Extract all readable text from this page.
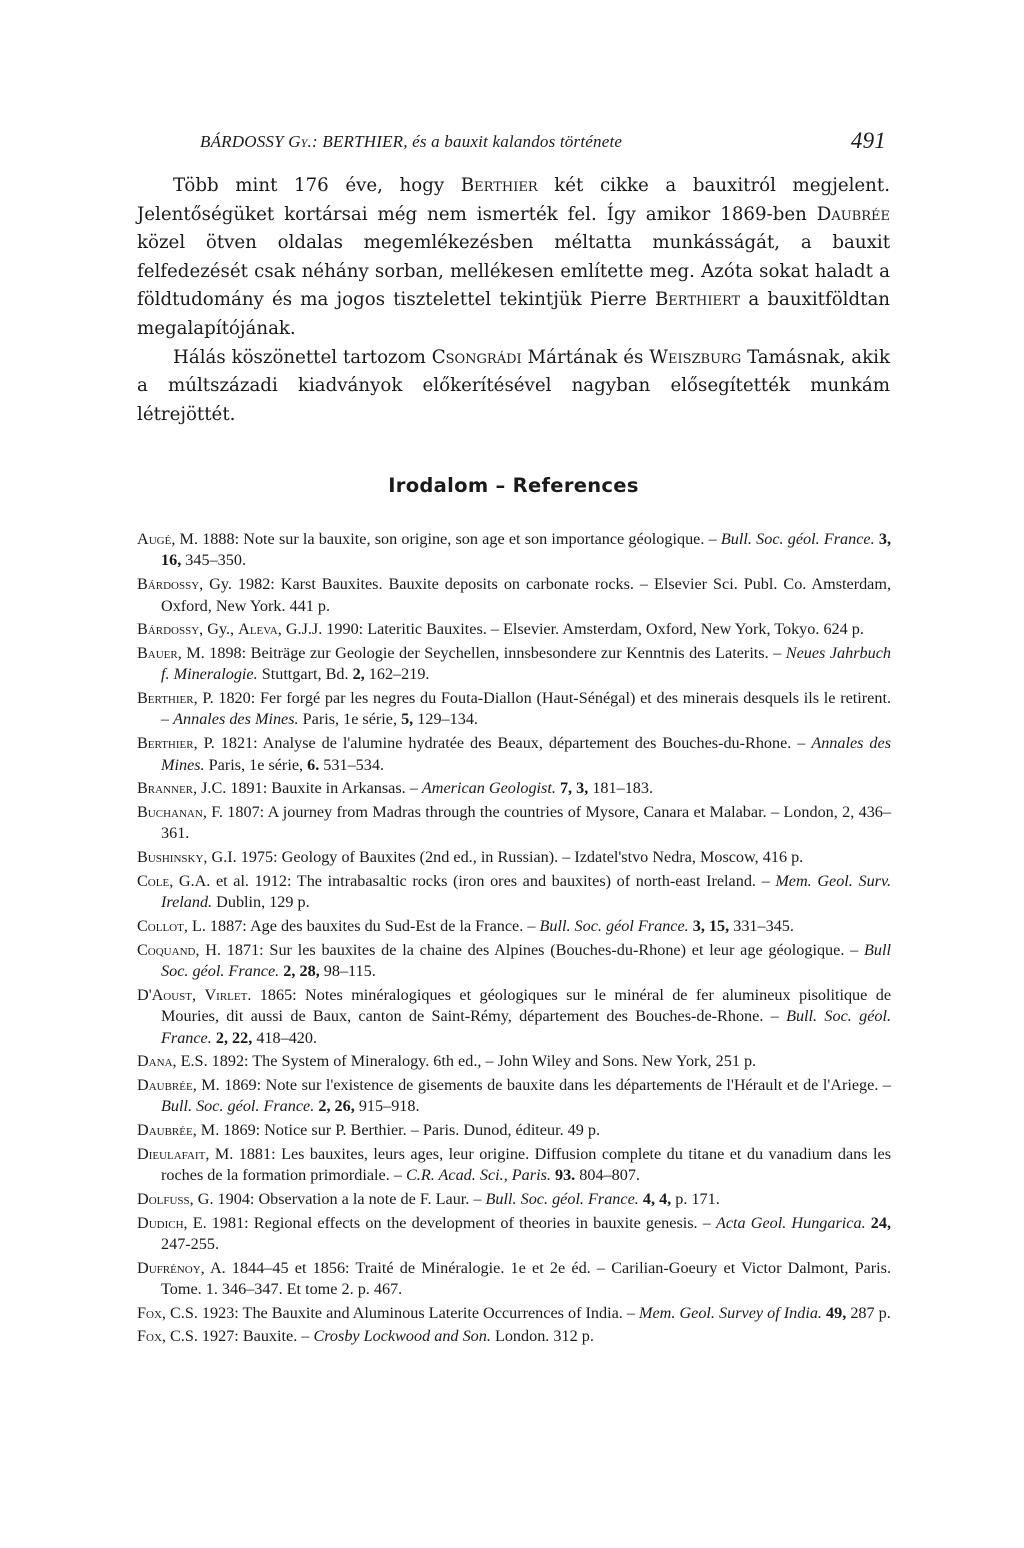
BÁRDOSSY Gy.: BERTHIER, és a bauxit kalandos története	491

Több mint 176 éve, hogy Berthier két cikke a bauxitról megjelent. Jelentőségüket kortársai még nem ismerték fel. Így amikor 1869-ben Daubrée közel ötven oldalas megemlékezésben méltatta munkásságát, a bauxit felfedezését csak néhány sorban, mellékesen említette meg. Azóta sokat haladt a földtudomány és ma jogos tisztelettel tekintjük Pierre Berthiert a bauxitföldtan megalapítójának.

Hálás köszönettel tartozom Csongrádi Mártának és Weiszburg Tamásnak, akik a múltszázadi kiadványok előkerítésével nagyban elősegítették munkám létrejöttét.

Irodalom – References
Augé, M. 1888: Note sur la bauxite, son origine, son age et son importance géologique. – Bull. Soc. géol. France. 3, 16, 345–350.
Bárdossy, Gy. 1982: Karst Bauxites. Bauxite deposits on carbonate rocks. – Elsevier Sci. Publ. Co. Amsterdam, Oxford, New York. 441 p.
Bárdossy, Gy., Aleva, G.J.J. 1990: Lateritic Bauxites. – Elsevier. Amsterdam, Oxford, New York, Tokyo. 624 p.
Bauer, M. 1898: Beiträge zur Geologie der Seychellen, innsbesondere zur Kenntnis des Laterits. – Neues Jahrbuch f. Mineralogie. Stuttgart, Bd. 2, 162–219.
Berthier, P. 1820: Fer forgé par les negres du Fouta-Diallon (Haut-Sénégal) et des minerais desquels ils le retirent. – Annales des Mines. Paris, 1e série, 5, 129–134.
Berthier, P. 1821: Analyse de l'alumine hydratée des Beaux, département des Bouches-du-Rhone. – Annales des Mines. Paris, 1e série, 6. 531–534.
Branner, J.C. 1891: Bauxite in Arkansas. – American Geologist. 7, 3, 181–183.
Buchanan, F. 1807: A journey from Madras through the countries of Mysore, Canara et Malabar. – London, 2, 436–361.
Bushinsky, G.I. 1975: Geology of Bauxites (2nd ed., in Russian). – Izdatel'stvo Nedra, Moscow, 416 p.
Cole, G.A. et al. 1912: The intrabasaltic rocks (iron ores and bauxites) of north-east Ireland. – Mem. Geol. Surv. Ireland. Dublin, 129 p.
Collot, L. 1887: Age des bauxites du Sud-Est de la France. – Bull. Soc. géol France. 3, 15, 331–345.
Coquand, H. 1871: Sur les bauxites de la chaine des Alpines (Bouches-du-Rhone) et leur age géologique. – Bull Soc. géol. France. 2, 28, 98–115.
D'Aoust, Virlet. 1865: Notes minéralogiques et géologiques sur le minéral de fer alumineux pisolitique de Mouries, dit aussi de Baux, canton de Saint-Rémy, département des Bouches-de-Rhone. – Bull. Soc. géol. France. 2, 22, 418–420.
Dana, E.S. 1892: The System of Mineralogy. 6th ed., – John Wiley and Sons. New York, 251 p.
Daubrée, M. 1869: Note sur l'existence de gisements de bauxite dans les départements de l'Hérault et de l'Ariege. – Bull. Soc. géol. France. 2, 26, 915–918.
Daubrée, M. 1869: Notice sur P. Berthier. – Paris. Dunod, éditeur. 49 p.
Dieulafait, M. 1881: Les bauxites, leurs ages, leur origine. Diffusion complete du titane et du vanadium dans les roches de la formation primordiale. – C.R. Acad. Sci., Paris. 93. 804–807.
Dolfuss, G. 1904: Observation a la note de F. Laur. – Bull. Soc. géol. France. 4, 4, p. 171.
Dudich, E. 1981: Regional effects on the development of theories in bauxite genesis. – Acta Geol. Hungarica. 24, 247-255.
Dufrénoy, A. 1844–45 et 1856: Traité de Minéralogie. 1e et 2e éd. – Carilian-Goeury et Victor Dalmont, Paris. Tome. 1. 346–347. Et tome 2. p. 467.
Fox, C.S. 1923: The Bauxite and Aluminous Laterite Occurrences of India. – Mem. Geol. Survey of India. 49, 287 p.
Fox, C.S. 1927: Bauxite. – Crosby Lockwood and Son. London. 312 p.
